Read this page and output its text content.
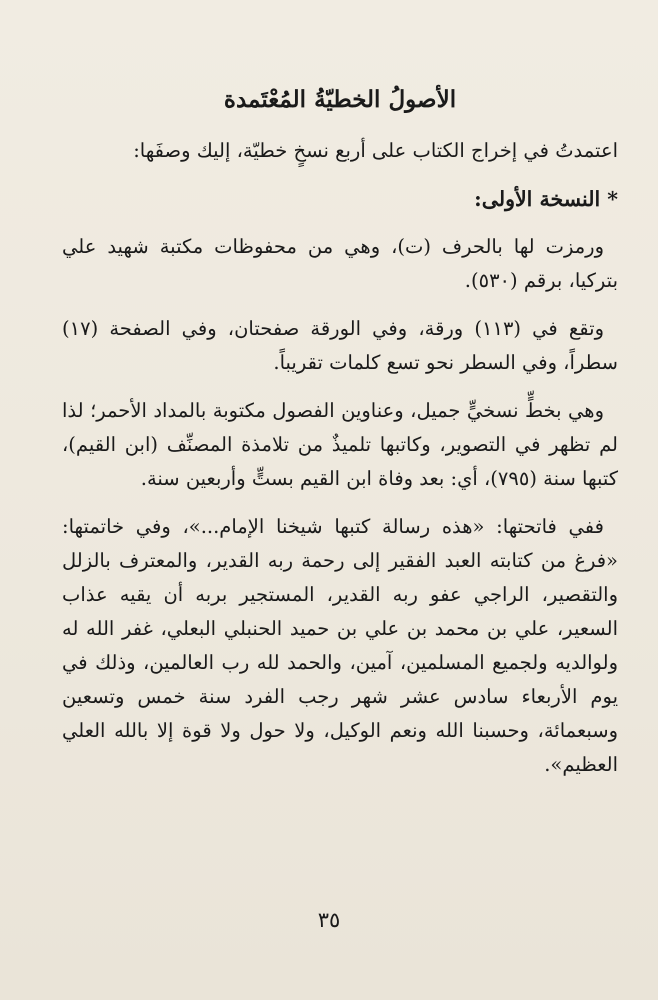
الأصولُ الخطيّةُ المُعْتَمدة

اعتمدتُ في إخراج الكتاب على أربع نسخٍ خطيّة، إليك وصفَها:

* النسخة الأولى:

ورمزت لها بالحرف (ت)، وهي من محفوظات مكتبة شهيد علي بتركيا، برقم (٥٣٠).

وتقع في (١١٣) ورقة، وفي الورقة صفحتان، وفي الصفحة (١٧) سطراً، وفي السطر نحو تسع كلمات تقريباً.

وهي بخطٍّ نسخيٍّ جميل، وعناوين الفصول مكتوبة بالمداد الأحمر؛ لذا لم تظهر في التصوير، وكاتبها تلميذٌ من تلامذة المصنِّف (ابن القيم)، كتبها سنة (٧٩٥)، أي: بعد وفاة ابن القيم بستٍّ وأربعين سنة.

ففي فاتحتها: «هذه رسالة كتبها شيخنا الإمام...»، وفي خاتمتها: «فرغ من كتابته العبد الفقير إلى رحمة ربه القدير، والمعترف بالزلل والتقصير، الراجي عفو ربه القدير، المستجير بربه أن يقيه عذاب السعير، علي بن محمد بن علي بن حميد الحنبلي البعلي، غفر الله له ولوالديه ولجميع المسلمين، آمين، والحمد لله رب العالمين، وذلك في يوم الأربعاء سادس عشر شهر رجب الفرد سنة خمس وتسعين وسبعمائة، وحسبنا الله ونعم الوكيل، ولا حول ولا قوة إلا بالله العلي العظيم».

٣٥
